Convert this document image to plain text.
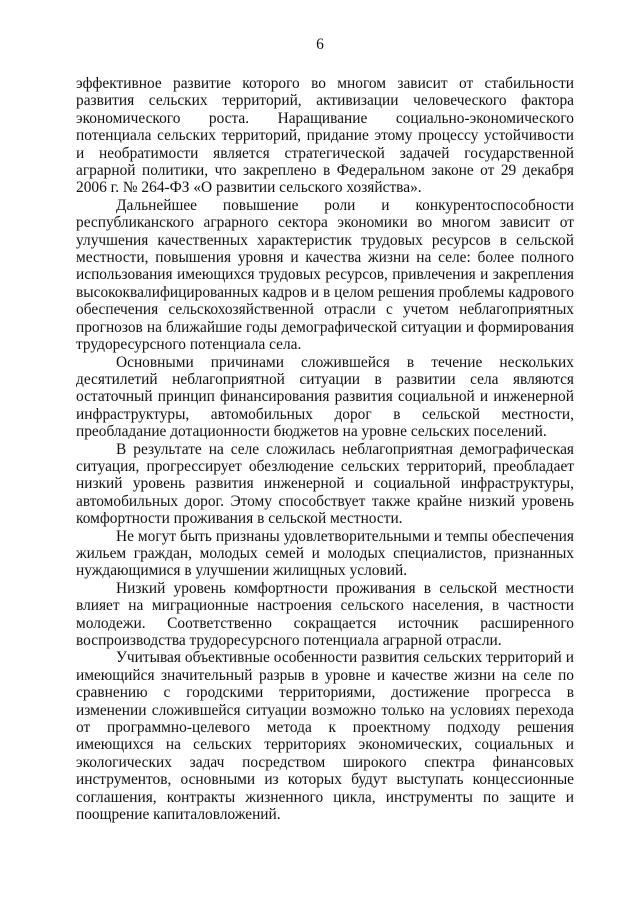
6

эффективное развитие которого во многом зависит от стабильности развития сельских территорий, активизации человеческого фактора экономического роста. Наращивание социально-экономического потенциала сельских территорий, придание этому процессу устойчивости и необратимости является стратегической задачей государственной аграрной политики, что закреплено в Федеральном законе от 29 декабря 2006 г. № 264-ФЗ «О развитии сельского хозяйства».

Дальнейшее повышение роли и конкурентоспособности республиканского аграрного сектора экономики во многом зависит от улучшения качественных характеристик трудовых ресурсов в сельской местности, повышения уровня и качества жизни на селе: более полного использования имеющихся трудовых ресурсов, привлечения и закрепления высококвалифицированных кадров и в целом решения проблемы кадрового обеспечения сельскохозяйственной отрасли с учетом неблагоприятных прогнозов на ближайшие годы демографической ситуации и формирования трудоресурсного потенциала села.

Основными причинами сложившейся в течение нескольких десятилетий неблагоприятной ситуации в развитии села являются остаточный принцип финансирования развития социальной и инженерной инфраструктуры, автомобильных дорог в сельской местности, преобладание дотационности бюджетов на уровне сельских поселений.

В результате на селе сложилась неблагоприятная демографическая ситуация, прогрессирует обезлюдение сельских территорий, преобладает низкий уровень развития инженерной и социальной инфраструктуры, автомобильных дорог. Этому способствует также крайне низкий уровень комфортности проживания в сельской местности.

Не могут быть признаны удовлетворительными и темпы обеспечения жильем граждан, молодых семей и молодых специалистов, признанных нуждающимися в улучшении жилищных условий.

Низкий уровень комфортности проживания в сельской местности влияет на миграционные настроения сельского населения, в частности молодежи. Соответственно сокращается источник расширенного воспроизводства трудоресурсного потенциала аграрной отрасли.

Учитывая объективные особенности развития сельских территорий и имеющийся значительный разрыв в уровне и качестве жизни на селе по сравнению с городскими территориями, достижение прогресса в изменении сложившейся ситуации возможно только на условиях перехода от программно-целевого метода к проектному подходу решения имеющихся на сельских территориях экономических, социальных и экологических задач посредством широкого спектра финансовых инструментов, основными из которых будут выступать концессионные соглашения, контракты жизненного цикла, инструменты по защите и поощрение капиталовложений.
